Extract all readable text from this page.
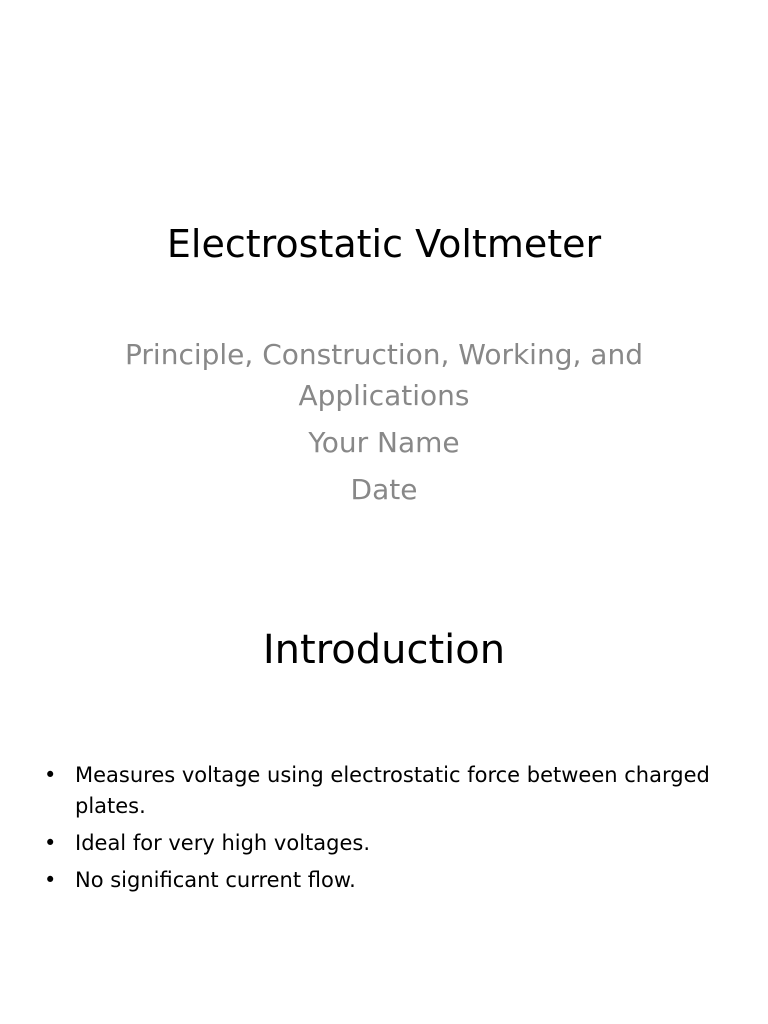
Electrostatic Voltmeter

Principle, Construction, Working, and Applications

Your Name

Date

Introduction
• Measures voltage using electrostatic force between charged plates.
• Ideal for very high voltages.
• No significant current flow.
